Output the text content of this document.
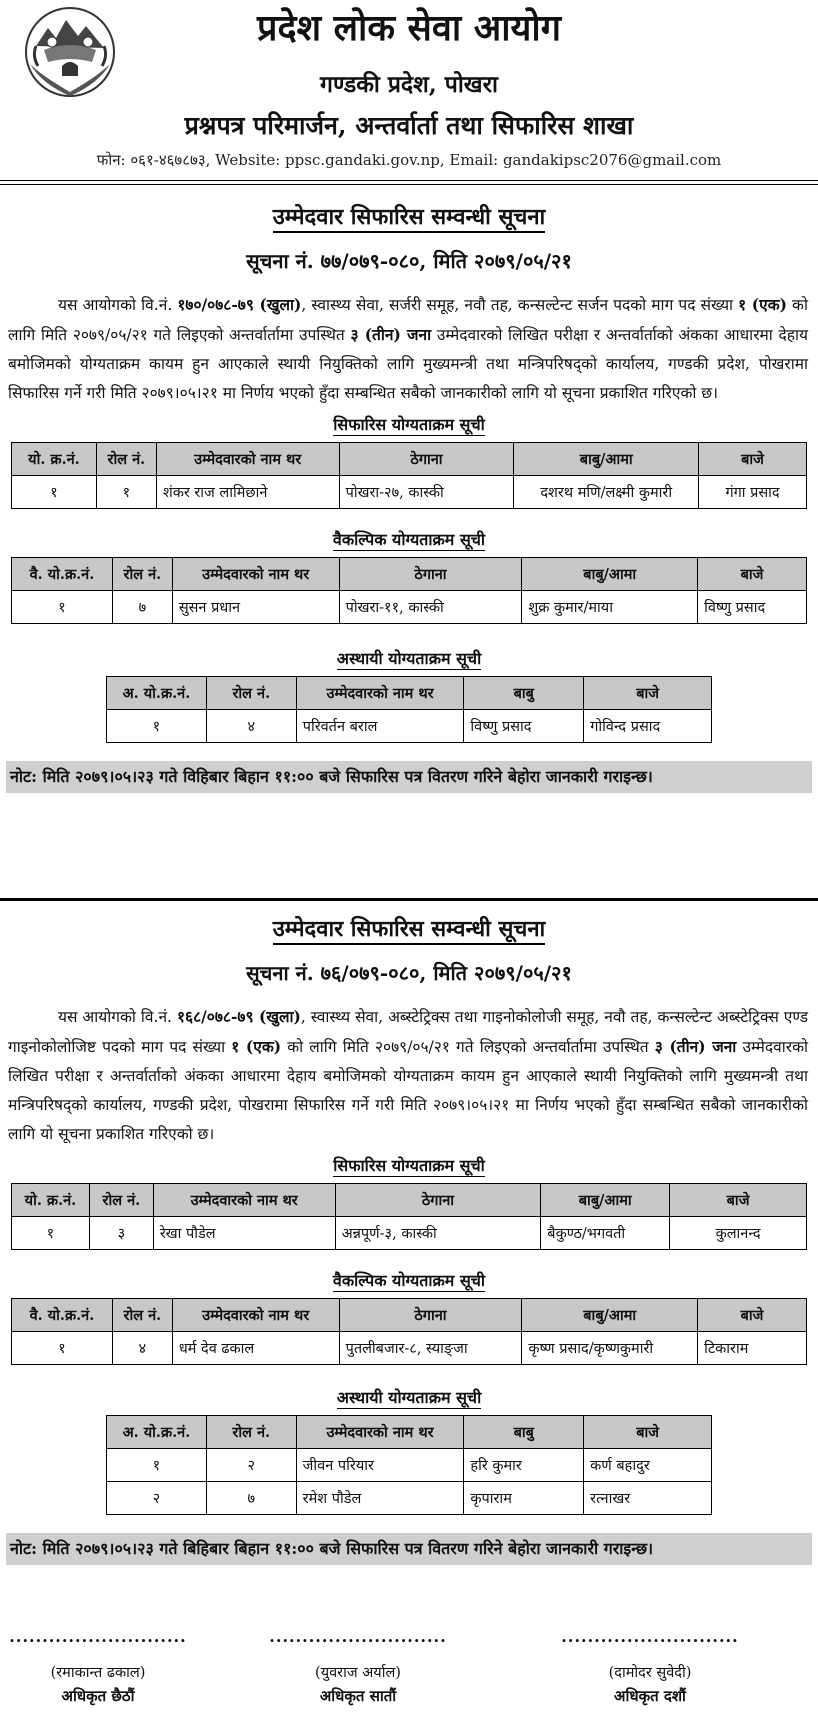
प्रदेश लोक सेवा आयोग
गण्डकी प्रदेश, पोखरा
प्रश्नपत्र परिमार्जन, अन्तर्वार्ता तथा सिफारिस शाखा
फोन: ०६१-४६७८७३, Website: ppsc.gandaki.gov.np, Email: gandakipsc2076@gmail.com
उम्मेदवार सिफारिस सम्वन्धी सूचना
सूचना नं. ७७/०७९-०८०, मिति २०७९/०५/२१
यस आयोगको वि.नं. १७०/०७८-७९ (खुला), स्वास्थ्य सेवा, सर्जरी समूह, नवौ तह, कन्सल्टेन्ट सर्जन पदको माग पद संख्या १ (एक) को लागि मिति २०७९/०५/२१ गते लिइएको अन्तर्वार्तामा उपस्थित ३ (तीन) जना उम्मेदवारको लिखित परीक्षा र अन्तर्वार्ताको अंकका आधारमा देहाय बमोजिमको योग्यताक्रम कायम हुन आएकाले स्थायी नियुक्तिको लागि मुख्यमन्त्री तथा मन्त्रिपरिषद्को कार्यालय, गण्डकी प्रदेश, पोखरामा सिफारिस गर्ने गरी मिति २०७९।०५।२१ मा निर्णय भएको हुँदा सम्बन्धित सबैको जानकारीको लागि यो सूचना प्रकाशित गरिएको छ।
सिफारिस योग्यताक्रम सूची
यो. क्र.नं.	रोल नं.	उम्मेदवारको नाम थर	ठेगाना	बाबु/आमा	बाजे
१	१	शंकर राज लामिछाने	पोखरा-२७, कास्की	दशरथ मणि/लक्ष्मी कुमारी	गंगा प्रसाद
वैकल्पिक योग्यताक्रम सूची
वै. यो.क्र.नं.	रोल नं.	उम्मेदवारको नाम थर	ठेगाना	बाबु/आमा	बाजे
१	७	सुसन प्रधान	पोखरा-११, कास्की	शुक्र कुमार/माया	विष्णु प्रसाद
अस्थायी योग्यताक्रम सूची
अ. यो.क्र.नं.	रोल नं.	उम्मेदवारको नाम थर	बाबु	बाजे
१	४	परिवर्तन बराल	विष्णु प्रसाद	गोविन्द प्रसाद
नोट: मिति २०७९।०५।२३ गते विहिबार बिहान ११:०० बजे सिफारिस पत्र वितरण गरिने बेहोरा जानकारी गराइन्छ।
उम्मेदवार सिफारिस सम्वन्धी सूचना
सूचना नं. ७६/०७९-०८०, मिति २०७९/०५/२१
यस आयोगको वि.नं. १६८/०७८-७९ (खुला), स्वास्थ्य सेवा, अब्स्टेट्रिक्स तथा गाइनोकोलोजी समूह, नवौ तह, कन्सल्टेन्ट अब्स्टेट्रिक्स एण्ड गाइनोकोलोजिष्ट पदको माग पद संख्या १ (एक) को लागि मिति २०७९/०५/२१ गते लिइएको अन्तर्वार्तामा उपस्थित ३ (तीन) जना उम्मेदवारको लिखित परीक्षा र अन्तर्वार्ताको अंकका आधारमा देहाय बमोजिमको योग्यताक्रम कायम हुन आएकाले स्थायी नियुक्तिको लागि मुख्यमन्त्री तथा मन्त्रिपरिषद्को कार्यालय, गण्डकी प्रदेश, पोखरामा सिफारिस गर्ने गरी मिति २०७९।०५।२१ मा निर्णय भएको हुँदा सम्बन्धित सबैको जानकारीको लागि यो सूचना प्रकाशित गरिएको छ।
सिफारिस योग्यताक्रम सूची
यो. क्र.नं.	रोल नं.	उम्मेदवारको नाम थर	ठेगाना	बाबु/आमा	बाजे
१	३	रेखा पौडेल	अन्नपूर्ण-३, कास्की	बैकुण्ठ/भगवती	कुलानन्द
वैकल्पिक योग्यताक्रम सूची
वै. यो.क्र.नं.	रोल नं.	उम्मेदवारको नाम थर	ठेगाना	बाबु/आमा	बाजे
१	४	धर्म देव ढकाल	पुतलीबजार-८, स्याङ्जा	कृष्ण प्रसाद/कृष्णकुमारी	टिकाराम
अस्थायी योग्यताक्रम सूची
अ. यो.क्र.नं.	रोल नं.	उम्मेदवारको नाम थर	बाबु	बाजे
१	२	जीवन परियार	हरि कुमार	कर्ण बहादुर
२	७	रमेश पौडेल	कृपाराम	रत्नाखर
नोट: मिति २०७९।०५।२३ गते बिहिबार बिहान ११:०० बजे सिफारिस पत्र वितरण गरिने बेहोरा जानकारी गराइन्छ।
...........................
(रमाकान्त ढकाल)
अधिकृत छैठौं
...........................
(युवराज अर्याल)
अधिकृत सातौं
...........................
(दामोदर सुवेदी)
अधिकृत दशौं
